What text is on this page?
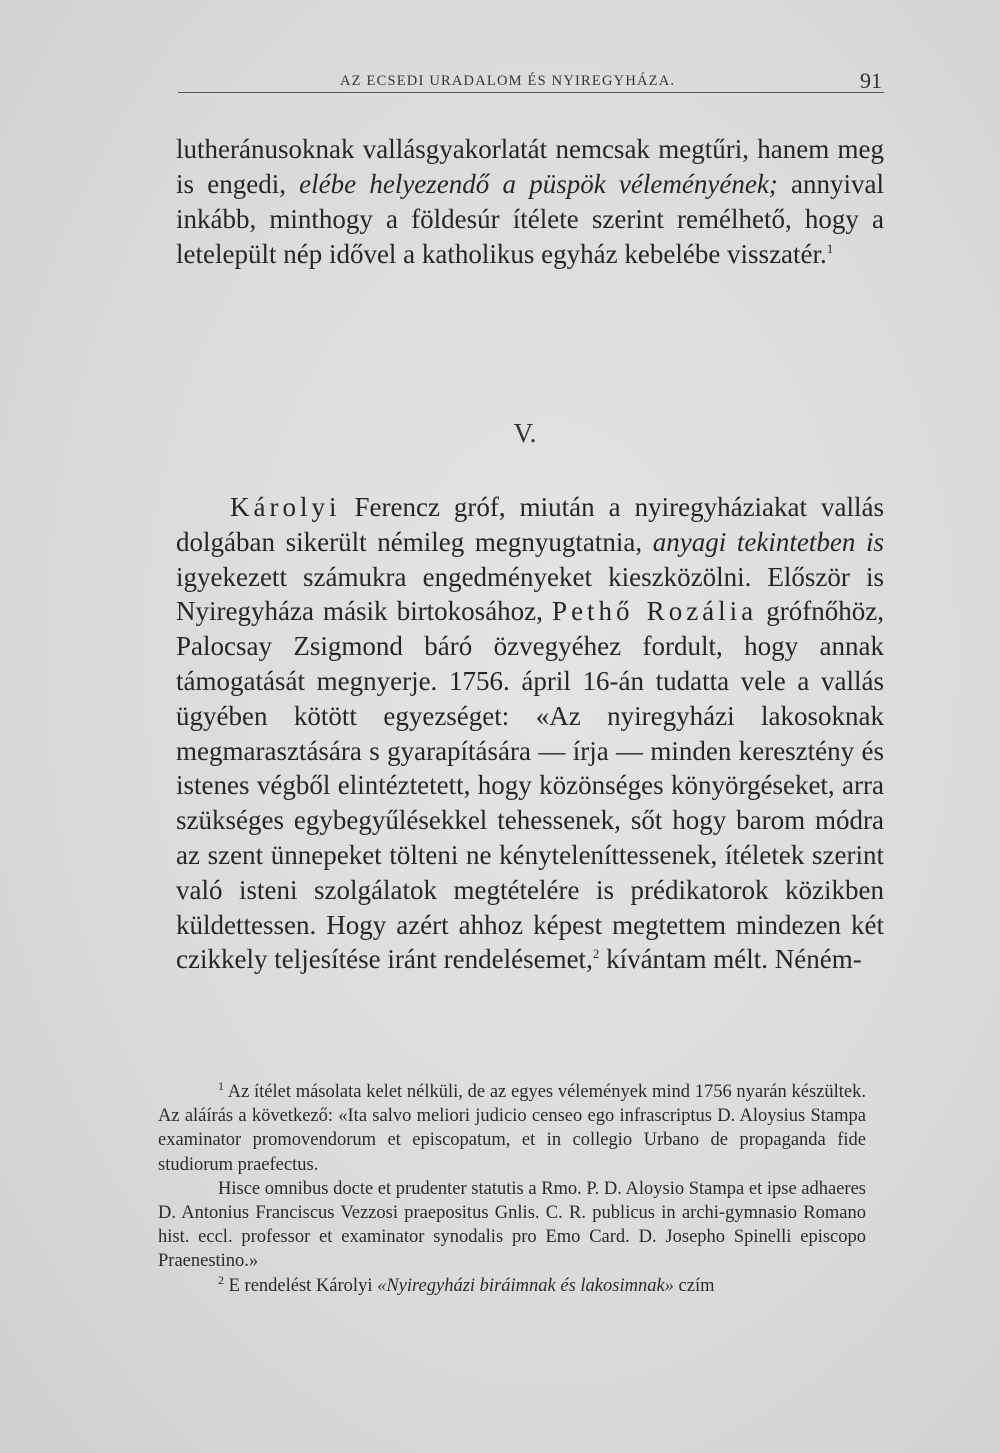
AZ ECSEDI URADALOM ÉS NYIREGYHÁZA.	91

lutheránusoknak vallásgyakorlatát nemcsak megtűri, hanem meg is engedi, elébe helyezendő a püspök véleményének; annyival inkább, minthogy a földesúr ítélete szerint remélhető, hogy a letelepült nép idővel a katholikus egyház kebelébe visszatér.$^1$

V.

Károlyi Ferencz gróf, miután a nyiregyháziakat vallás dolgában sikerült némileg megnyugtatnia, anyagi tekintetben is igyekezett számukra engedményeket kieszközölni. Először is Nyiregyháza másik birtokosához, Pethő Rozália grófnőhöz, Palocsay Zsigmond báró özvegyéhez fordult, hogy annak támogatását megnyerje. 1756. ápril 16-án tudatta vele a vallás ügyében kötött egyezséget: «Az nyiregyházi lakosoknak megmarasztására s gyarapítására — írja — minden keresztény és istenes végből elintéztetett, hogy közönséges könyörgéseket, arra szükséges egybegyűlésekkel tehessenek, sőt hogy barom módra az szent ünnepeket tölteni ne kényteleníttessenek, ítéletek szerint való isteni szolgálatok megtételére is prédikatorok közikben küldettessen. Hogy azért ahhoz képest megtettem mindezen két czikkely teljesítése iránt rendelésemet,$^2$ kívántam mélt. Néném-

$^1$ Az ítélet másolata kelet nélküli, de az egyes vélemények mind 1756 nyarán készültek. Az aláírás a következő: «Ita salvo meliori judicio censeo ego infrascriptus D. Aloysius Stampa examinator promovendorum et episcopatum, et in collegio Urbano de propaganda fide studiorum praefectus.

Hisce omnibus docte et prudenter statutis a Rmo. P. D. Aloysio Stampa et ipse adhaeres D. Antonius Franciscus Vezzosi praepositus Gnlis. C. R. publicus in archi-gymnasio Romano hist. eccl. professor et examinator synodalis pro Emo Card. D. Josepho Spinelli episcopo Praenestino.»

$^2$ E rendelést Károlyi «Nyiregyházi biráimnak és lakosimnak» czím
